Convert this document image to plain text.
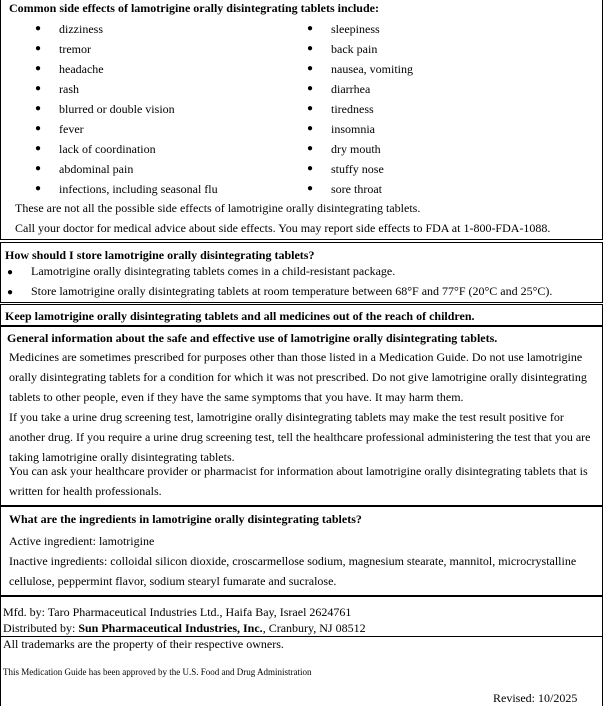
Common side effects of lamotrigine orally disintegrating tablets include:
●	dizziness
●	tremor
●	headache
●	rash
●	blurred or double vision
●	fever
●	lack of coordination
●	abdominal pain
●	infections, including seasonal flu
●	sleepiness
●	back pain
●	nausea, vomiting
●	diarrhea
●	tiredness
●	insomnia
●	dry mouth
●	stuffy nose
●	sore throat
These are not all the possible side effects of lamotrigine orally disintegrating tablets.
Call your doctor for medical advice about side effects. You may report side effects to FDA at 1-800-FDA-1088.
How should I store lamotrigine orally disintegrating tablets?
● Lamotrigine orally disintegrating tablets comes in a child-resistant package.
● Store lamotrigine orally disintegrating tablets at room temperature between 68°F and 77°F (20°C and 25°C).
Keep lamotrigine orally disintegrating tablets and all medicines out of the reach of children.
General information about the safe and effective use of lamotrigine orally disintegrating tablets.
Medicines are sometimes prescribed for purposes other than those listed in a Medication Guide. Do not use lamotrigine orally disintegrating tablets for a condition for which it was not prescribed. Do not give lamotrigine orally disintegrating tablets to other people, even if they have the same symptoms that you have. It may harm them.
If you take a urine drug screening test, lamotrigine orally disintegrating tablets may make the test result positive for another drug. If you require a urine drug screening test, tell the healthcare professional administering the test that you are taking lamotrigine orally disintegrating tablets.
You can ask your healthcare provider or pharmacist for information about lamotrigine orally disintegrating tablets that is written for health professionals.
What are the ingredients in lamotrigine orally disintegrating tablets?
Active ingredient: lamotrigine
Inactive ingredients: colloidal silicon dioxide, croscarmellose sodium, magnesium stearate, mannitol, microcrystalline cellulose, peppermint flavor, sodium stearyl fumarate and sucralose.
Mfd. by: Taro Pharmaceutical Industries Ltd., Haifa Bay, Israel 2624761
Distributed by: Sun Pharmaceutical Industries, Inc., Cranbury, NJ 08512
All trademarks are the property of their respective owners.
This Medication Guide has been approved by the U.S. Food and Drug Administration
Revised: 10/2025
